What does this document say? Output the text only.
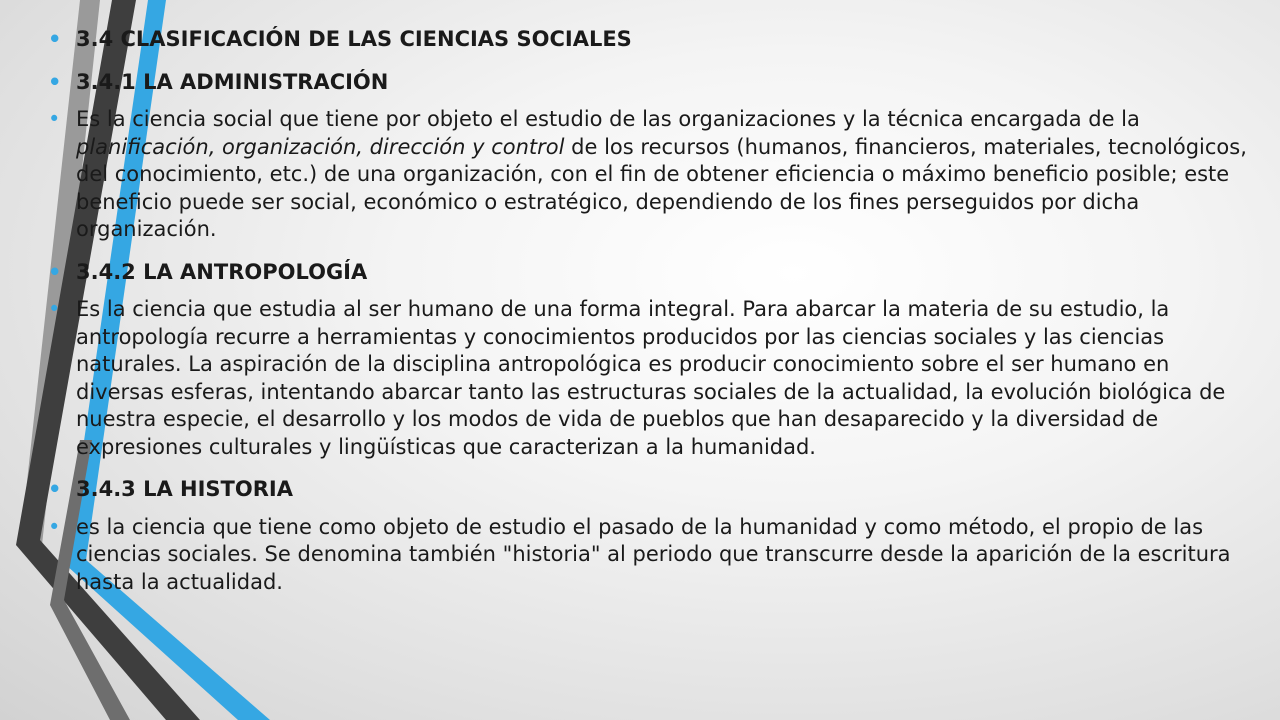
• 3.4 CLASIFICACIÓN DE LAS CIENCIAS SOCIALES
• 3.4.1 LA ADMINISTRACIÓN
• Es la ciencia social que tiene por objeto el estudio de las organizaciones y la técnica encargada de la planificación, organización, dirección y control de los recursos (humanos, financieros, materiales, tecnológicos, del conocimiento, etc.) de una organización, con el fin de obtener eficiencia o máximo beneficio posible; este beneficio puede ser social, económico o estratégico, dependiendo de los fines perseguidos por dicha organización.
• 3.4.2 LA ANTROPOLOGÍA
• Es la ciencia que estudia al ser humano de una forma integral. Para abarcar la materia de su estudio, la antropología recurre a herramientas y conocimientos producidos por las ciencias sociales y las ciencias naturales. La aspiración de la disciplina antropológica es producir conocimiento sobre el ser humano en diversas esferas, intentando abarcar tanto las estructuras sociales de la actualidad, la evolución biológica de nuestra especie, el desarrollo y los modos de vida de pueblos que han desaparecido y la diversidad de expresiones culturales y lingüísticas que caracterizan a la humanidad.
• 3.4.3 LA HISTORIA
• es la ciencia que tiene como objeto de estudio el pasado de la humanidad y como método, el propio de las ciencias sociales. Se denomina también "historia" al periodo que transcurre desde la aparición de la escritura hasta la actualidad.
